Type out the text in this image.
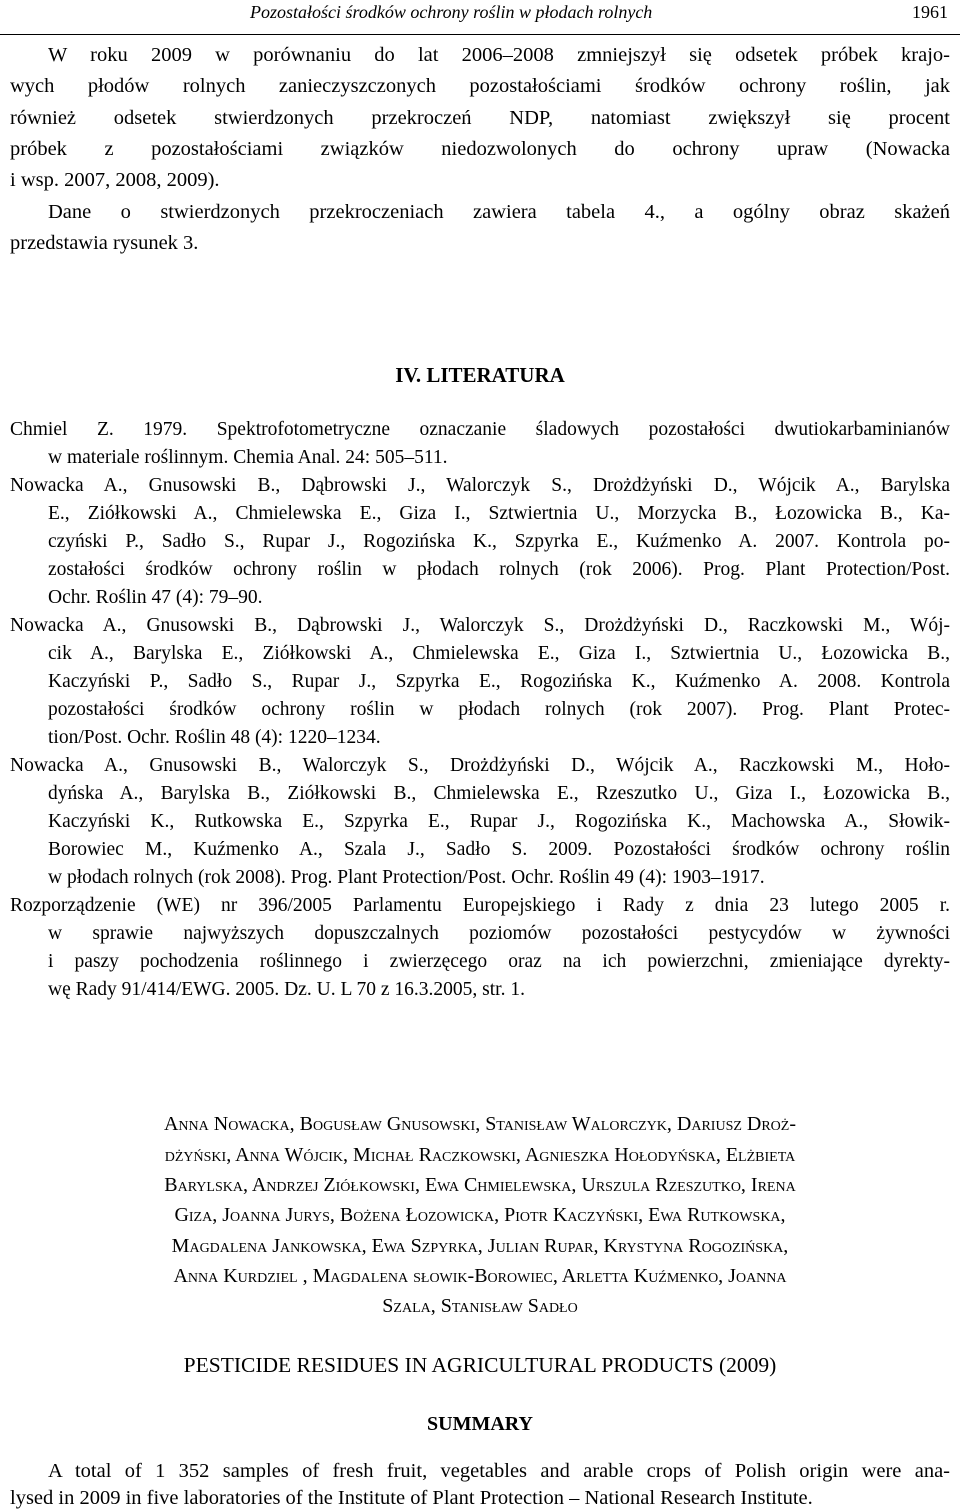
Pozostałości środków ochrony roślin w płodach rolnych	1961
W roku 2009 w porównaniu do lat 2006–2008 zmniejszył się odsetek próbek krajo-
wych płodów rolnych zanieczyszczonych pozostałościami środków ochrony roślin, jak
również odsetek stwierdzonych przekroczeń NDP, natomiast zwiększył się procent
próbek z pozostałościami związków niedozwolonych do ochrony upraw (Nowacka
i wsp. 2007, 2008, 2009).
Dane o stwierdzonych przekroczeniach zawiera tabela 4., a ogólny obraz skażeń
przedstawia rysunek 3.
IV. LITERATURA
Chmiel Z. 1979. Spektrofotometryczne oznaczanie śladowych pozostałości dwutiokarbaminianów
w materiale roślinnym. Chemia Anal. 24: 505–511.
Nowacka A., Gnusowski B., Dąbrowski J., Walorczyk S., Drożdżyński D., Wójcik A., Barylska
E., Ziółkowski A., Chmielewska E., Giza I., Sztwiertnia U., Morzycka B., Łozowicka B., Ka-
czyński P., Sadło S., Rupar J., Rogozińska K., Szpyrka E., Kuźmenko A. 2007. Kontrola po-
zostałości środków ochrony roślin w płodach rolnych (rok 2006). Prog. Plant Protection/Post.
Ochr. Roślin 47 (4): 79–90.
Nowacka A., Gnusowski B., Dąbrowski J., Walorczyk S., Drożdżyński D., Raczkowski M., Wój-
cik A., Barylska E., Ziółkowski A., Chmielewska E., Giza I., Sztwiertnia U., Łozowicka B.,
Kaczyński P., Sadło S., Rupar J., Szpyrka E., Rogozińska K., Kuźmenko A. 2008. Kontrola
pozostałości środków ochrony roślin w płodach rolnych (rok 2007). Prog. Plant Protec-
tion/Post. Ochr. Roślin 48 (4): 1220–1234.
Nowacka A., Gnusowski B., Walorczyk S., Drożdżyński D., Wójcik A., Raczkowski M., Hoło-
dyńska A., Barylska B., Ziółkowski B., Chmielewska E., Rzeszutko U., Giza I., Łozowicka B.,
Kaczyński K., Rutkowska E., Szpyrka E., Rupar J., Rogozińska K., Machowska A., Słowik-
Borowiec M., Kuźmenko A., Szala J., Sadło S. 2009. Pozostałości środków ochrony roślin
w płodach rolnych (rok 2008). Prog. Plant Protection/Post. Ochr. Roślin 49 (4): 1903–1917.
Rozporządzenie (WE) nr 396/2005 Parlamentu Europejskiego i Rady z dnia 23 lutego 2005 r.
w sprawie najwyższych dopuszczalnych poziomów pozostałości pestycydów w żywności
i paszy pochodzenia roślinnego i zwierzęcego oraz na ich powierzchni, zmieniające dyrekty-
wę Rady 91/414/EWG. 2005. Dz. U. L 70 z 16.3.2005, str. 1.
Anna Nowacka, Bogusław Gnusowski, Stanisław Walorczyk, Dariusz Droż-
dżyński, Anna Wójcik, Michał Raczkowski, Agnieszka Hołodyńska, Elżbieta
Barylska, Andrzej Ziółkowski, Ewa Chmielewska, Urszula Rzeszutko, Irena
Giza, Joanna Jurys, Bożena Łozowicka, Piotr Kaczyński, Ewa Rutkowska,
Magdalena Jankowska, Ewa Szpyrka, Julian Rupar, Krystyna Rogozińska,
Anna Kurdziel , Magdalena słowik-Borowiec, Arletta Kuźmenko, Joanna
Szala, Stanisław Sadło
PESTICIDE RESIDUES IN AGRICULTURAL PRODUCTS (2009)
SUMMARY
A total of 1 352 samples of fresh fruit, vegetables and arable crops of Polish origin were ana-
lysed in 2009 in five laboratories of the Institute of Plant Protection – National Research Institute.
